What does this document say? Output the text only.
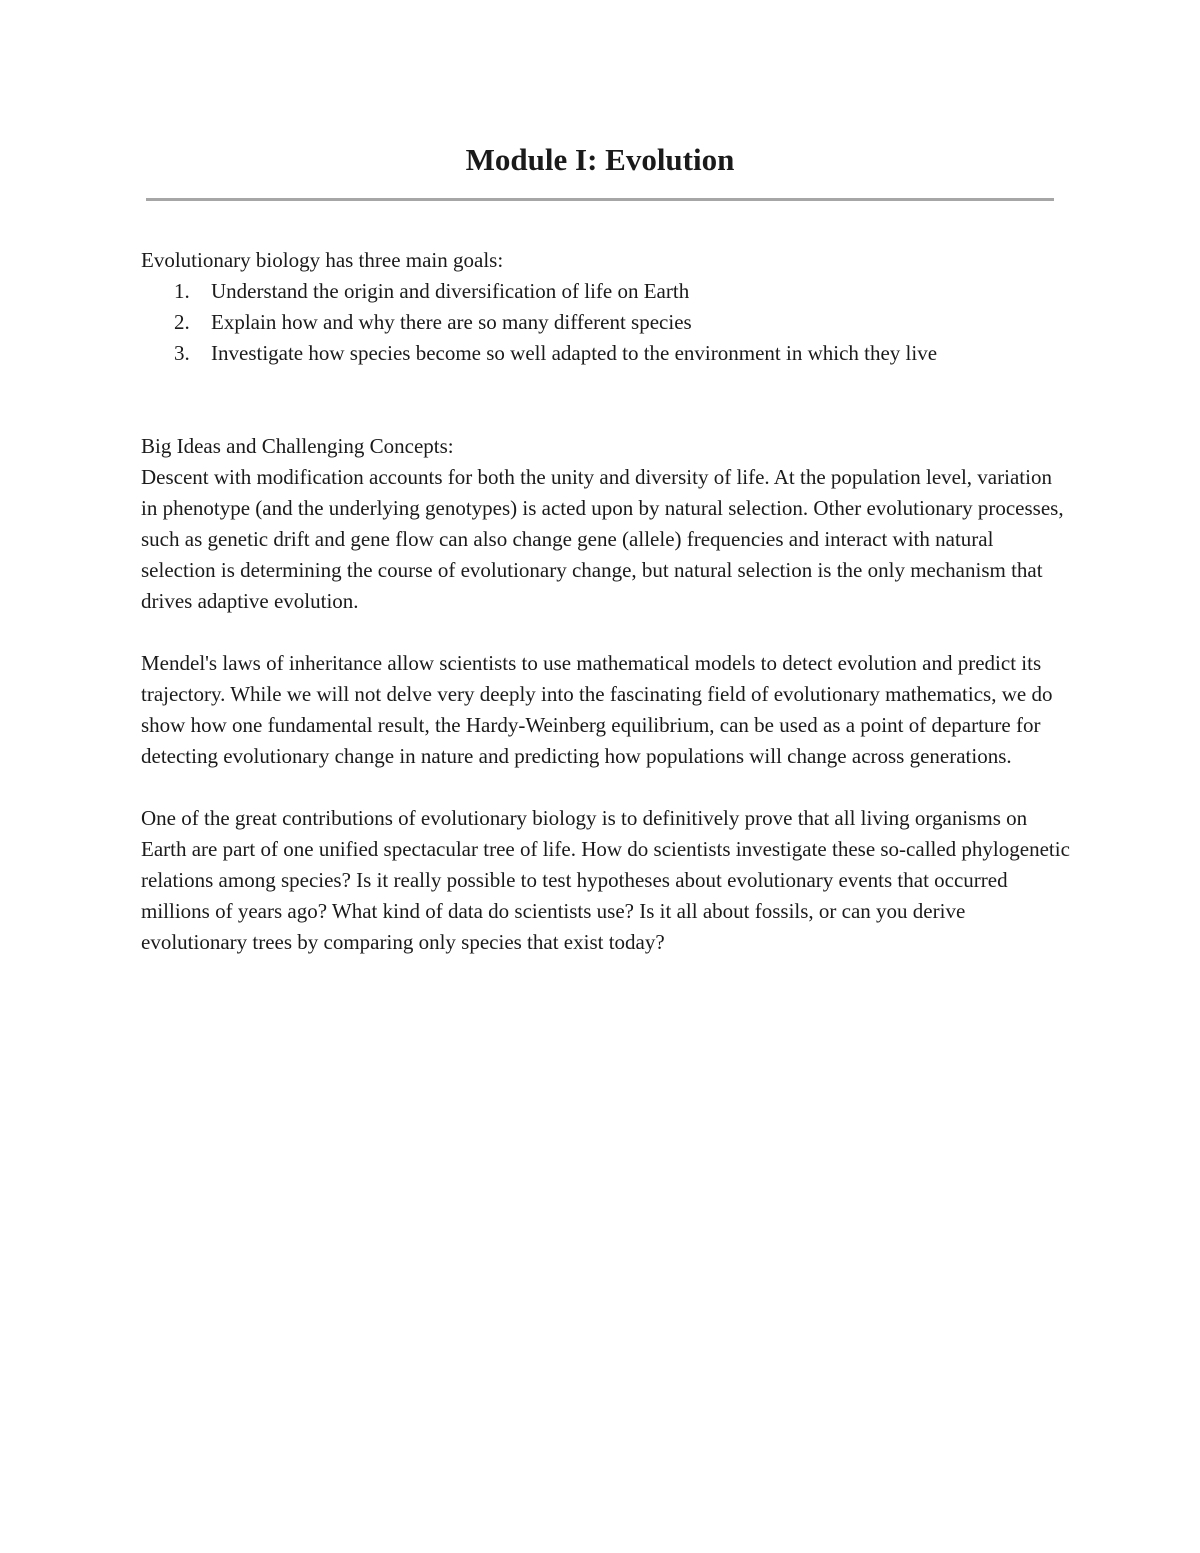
Module I: Evolution

Evolutionary biology has three main goals:

1. Understand the origin and diversification of life on Earth
2. Explain how and why there are so many different species
3. Investigate how species become so well adapted to the environment in which they live

Big Ideas and Challenging Concepts:

Descent with modification accounts for both the unity and diversity of life. At the population level, variation in phenotype (and the underlying genotypes) is acted upon by natural selection. Other evolutionary processes, such as genetic drift and gene flow can also change gene (allele) frequencies and interact with natural selection is determining the course of evolutionary change, but natural selection is the only mechanism that drives adaptive evolution.

Mendel's laws of inheritance allow scientists to use mathematical models to detect evolution and predict its trajectory. While we will not delve very deeply into the fascinating field of evolutionary mathematics, we do show how one fundamental result, the Hardy-Weinberg equilibrium, can be used as a point of departure for detecting evolutionary change in nature and predicting how populations will change across generations.

One of the great contributions of evolutionary biology is to definitively prove that all living organisms on Earth are part of one unified spectacular tree of life. How do scientists investigate these so-called phylogenetic relations among species? Is it really possible to test hypotheses about evolutionary events that occurred millions of years ago? What kind of data do scientists use? Is it all about fossils, or can you derive evolutionary trees by comparing only species that exist today?
